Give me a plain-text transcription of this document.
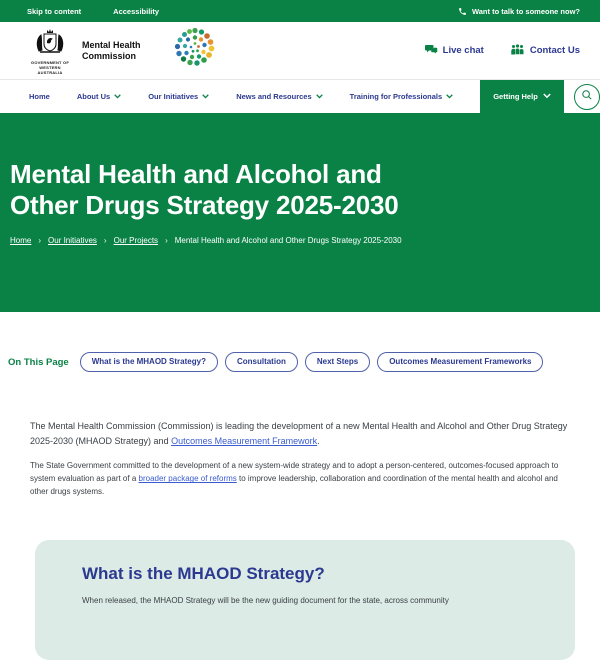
Skip to content	Accessibility	Want to talk to someone now?
GOVERNMENT OF WESTERN AUSTRALIA
Mental Health Commission	Live chat	Contact Us
Home	About Us	Our Initiatives	News and Resources	Training for Professionals	Getting Help
Mental Health and Alcohol and
Other Drugs Strategy 2025-2030
Home › Our Initiatives › Our Projects › Mental Health and Alcohol and Other Drugs Strategy 2025-2030
On This Page	What is the MHAOD Strategy?	Consultation	Next Steps	Outcomes Measurement Frameworks

The Mental Health Commission (Commission) is leading the development of a new Mental Health and Alcohol and Other Drug Strategy 2025-2030 (MHAOD Strategy) and Outcomes Measurement Framework.

The State Government committed to the development of a new system-wide strategy and to adopt a person-centered, outcomes-focused approach to system evaluation as part of a broader package of reforms to improve leadership, collaboration and coordination of the mental health and alcohol and other drugs systems.

What is the MHAOD Strategy?

When released, the MHAOD Strategy will be the new guiding document for the state, across community
